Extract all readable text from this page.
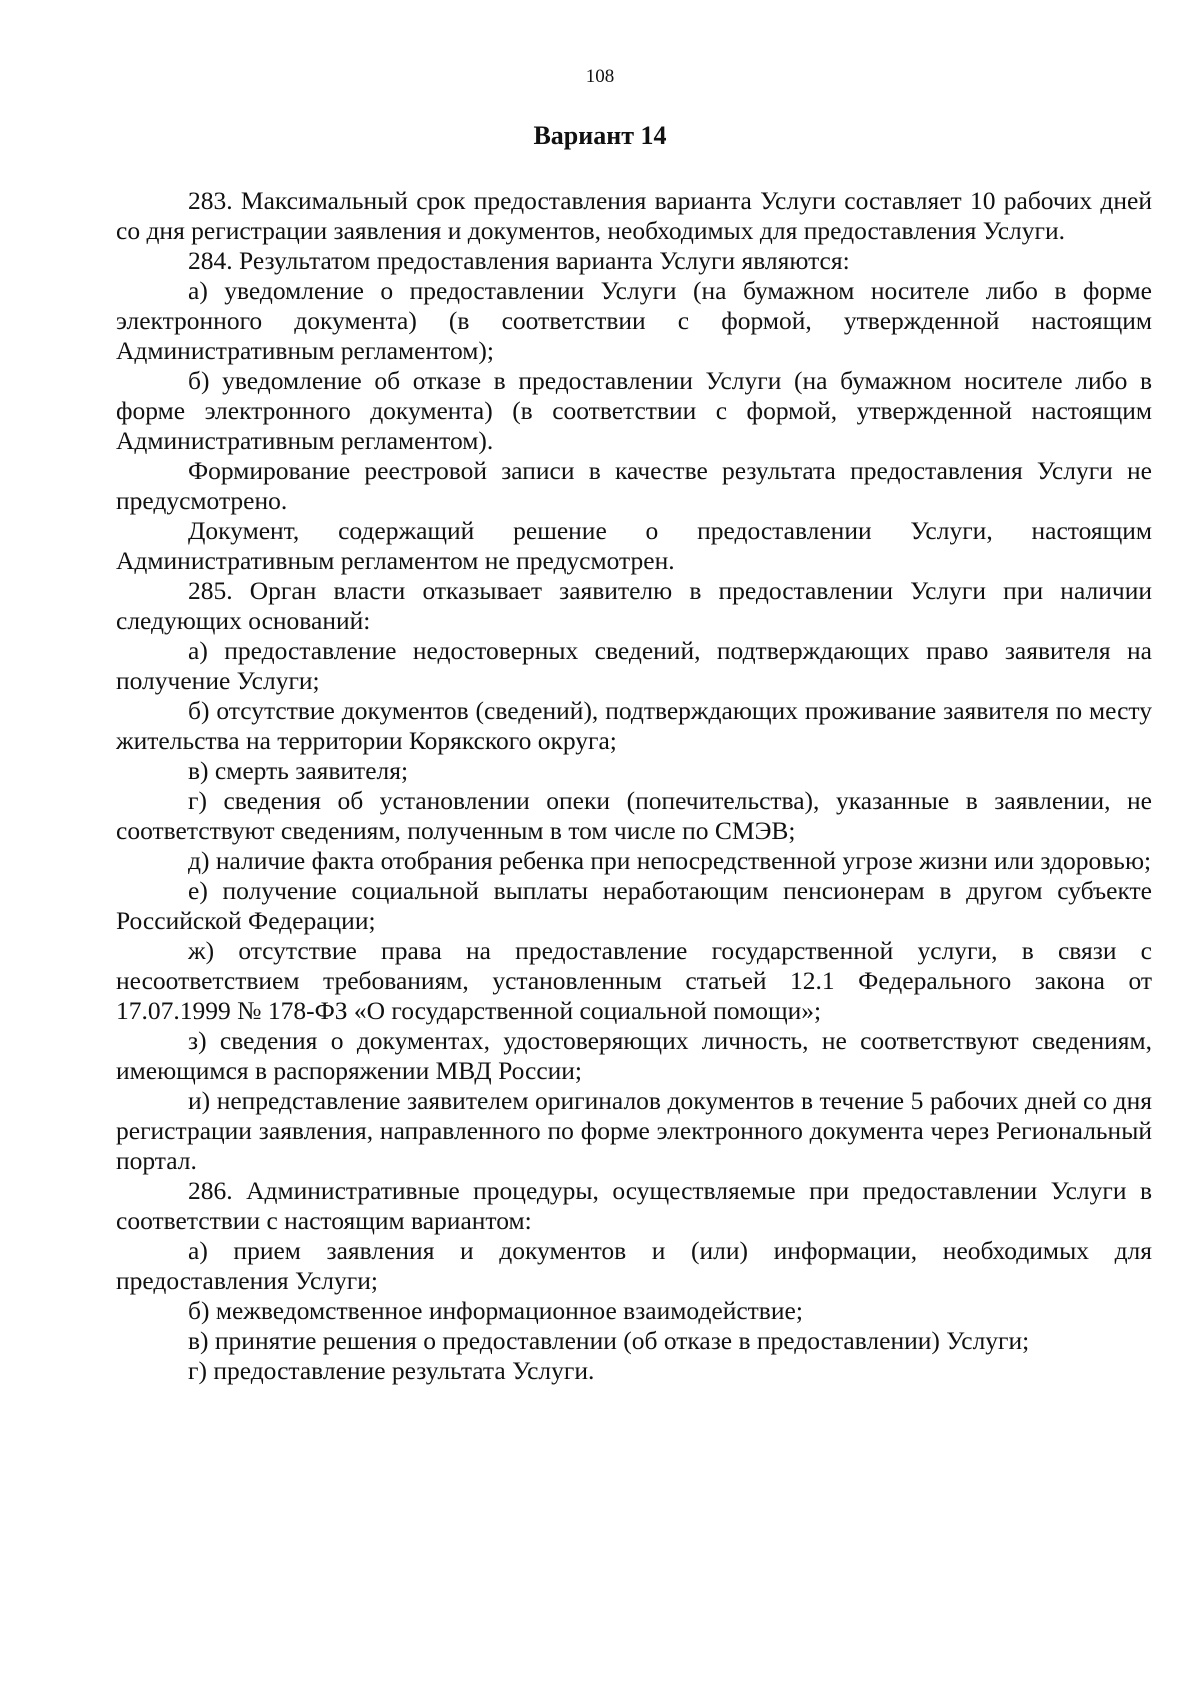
108
Вариант 14

283. Максимальный срок предоставления варианта Услуги составляет 10 рабочих дней со дня регистрации заявления и документов, необходимых для предоставления Услуги.

284. Результатом предоставления варианта Услуги являются:

а) уведомление о предоставлении Услуги (на бумажном носителе либо в форме электронного документа) (в соответствии с формой, утвержденной настоящим Административным регламентом);

б) уведомление об отказе в предоставлении Услуги (на бумажном носителе либо в форме электронного документа) (в соответствии с формой, утвержденной настоящим Административным регламентом).

Формирование реестровой записи в качестве результата предоставления Услуги не предусмотрено.

Документ, содержащий решение о предоставлении Услуги, настоящим Административным регламентом не предусмотрен.

285. Орган власти отказывает заявителю в предоставлении Услуги при наличии следующих оснований:

а) предоставление недостоверных сведений, подтверждающих право заявителя на получение Услуги;

б) отсутствие документов (сведений), подтверждающих проживание заявителя по месту жительства на территории Корякского округа;

в) смерть заявителя;

г) сведения об установлении опеки (попечительства), указанные в заявлении, не соответствуют сведениям, полученным в том числе по СМЭВ;

д) наличие факта отобрания ребенка при непосредственной угрозе жизни или здоровью;

е) получение социальной выплаты неработающим пенсионерам в другом субъекте Российской Федерации;

ж) отсутствие права на предоставление государственной услуги, в связи с несоответствием требованиям, установленным статьей 12.1 Федерального закона от 17.07.1999 № 178-ФЗ «О государственной социальной помощи»;

з) сведения о документах, удостоверяющих личность, не соответствуют сведениям, имеющимся в распоряжении МВД России;

и) непредставление заявителем оригиналов документов в течение 5 рабочих дней со дня регистрации заявления, направленного по форме электронного документа через Региональный портал.

286. Административные процедуры, осуществляемые при предоставлении Услуги в соответствии с настоящим вариантом:

а) прием заявления и документов и (или) информации, необходимых для предоставления Услуги;

б) межведомственное информационное взаимодействие;

в) принятие решения о предоставлении (об отказе в предоставлении) Услуги;

г) предоставление результата Услуги.
